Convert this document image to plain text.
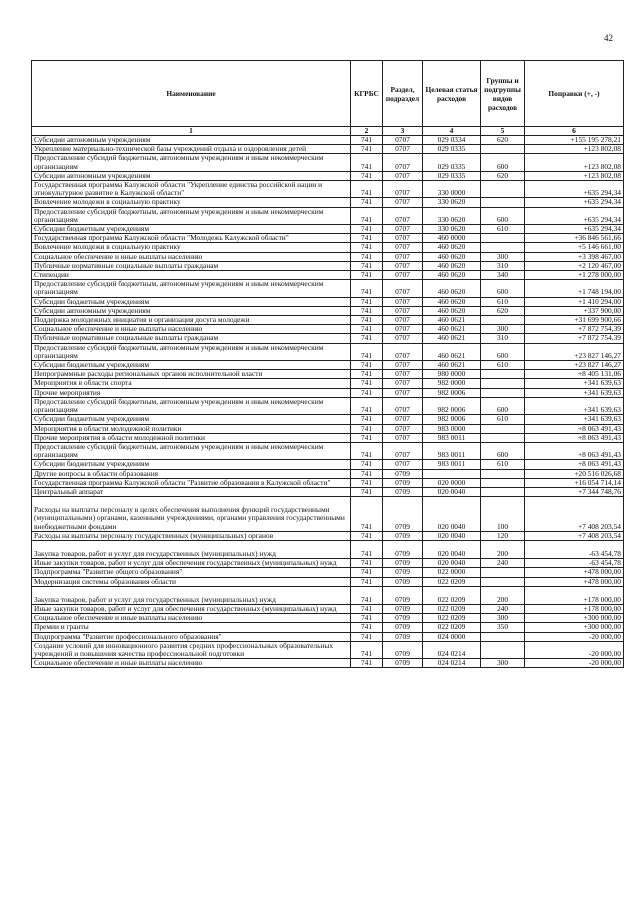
42
Наименование	КГРБС	Раздел, подраздел	Целевая статья расходов	Группы и подгруппы видов расходов	Поправки (+, -)
1	2	3	4	5	6
Субсидии автономным учреждениям	741	0707	029 0334	620	+155 195 278,21
Укрепление материально-технической базы учреждений отдыха и оздоровления детей	741	0707	029 0335		+123 802,08
Предоставление субсидий бюджетным, автономным учреждениям и иным некоммерческим организациям	741	0707	029 0335	600	+123 802,08
Субсидии автономным учреждениям	741	0707	029 0335	620	+123 802,08
Государственная программа Калужской области "Укрепление единства российской нации и этнокультурное развитие в Калужской области"	741	0707	330 0000		+635 294,34
Вовлечение молодежи в социальную практику	741	0707	330 0620		+635 294,34
Предоставление субсидий бюджетным, автономным учреждениям и иным некоммерческим организациям	741	0707	330 0620	600	+635 294,34
Субсидии бюджетным учреждениям	741	0707	330 0620	610	+635 294,34
Государственная программа Калужской области "Молодежь Калужской области"	741	0707	460 0000		+36 846 561,66
Вовлечение молодежи в социальную практику	741	0707	460 0620		+5 146 661,00
Социальное обеспечение и иные выплаты населению	741	0707	460 0620	300	+3 398 467,00
Публичные нормативные социальные выплаты гражданам	741	0707	460 0620	310	+2 120 467,00
Стипендии	741	0707	460 0620	340	+1 278 000,00
Предоставление субсидий бюджетным, автономным учреждениям и иным некоммерческим организациям	741	0707	460 0620	600	+1 748 194,00
Субсидии бюджетным учреждениям	741	0707	460 0620	610	+1 410 294,00
Субсидии автономным учреждениям	741	0707	460 0620	620	+337 900,00
Поддержка молодежных инициатив и организация досуга молодежи	741	0707	460 0621		+31 699 900,66
Социальное обеспечение и иные выплаты населению	741	0707	460 0621	300	+7 872 754,39
Публичные нормативные социальные выплаты гражданам	741	0707	460 0621	310	+7 872 754,39
Предоставление субсидий бюджетным, автономным учреждениям и иным некоммерческим организациям	741	0707	460 0621	600	+23 827 146,27
Субсидии бюджетным учреждениям	741	0707	460 0621	610	+23 827 146,27
Непрограммные расходы региональных органов исполнительной власти	741	0707	980 0000		+8 405 131,06
Мероприятия в области спорта	741	0707	982 0000		+341 639,63
Прочие мероприятия	741	0707	982 0006		+341 639,63
Предоставление субсидий бюджетным, автономным учреждениям и иным некоммерческим организациям	741	0707	982 0006	600	+341 639,63
Субсидии бюджетным учреждениям	741	0707	982 0006	610	+341 639,63
Мероприятия в области молодежной политики	741	0707	983 0000		+8 063 491,43
Прочие мероприятия в области молодежной политики	741	0707	983 0011		+8 063 491,43
Предоставление субсидий бюджетным, автономным учреждениям и иным некоммерческим организациям	741	0707	983 0011	600	+8 063 491,43
Субсидии бюджетным учреждениям	741	0707	983 0011	610	+8 063 491,43
Другие вопросы в области образования	741	0709			+20 516 026,68
Государственная программа Калужской области "Развитие образования в Калужской области"	741	0709	020 0000		+16 054 714,14
Центральный аппарат	741	0709	020 0040		+7 344 748,76
Расходы на выплаты персоналу в целях обеспечения выполнения функций государственными (муниципальными) органами, казенными учреждениями, органами управления государственными внебюджетными фондами	741	0709	020 0040	100	+7 408 203,54
Расходы на выплаты персоналу государственных (муниципальных) органов	741	0709	020 0040	120	+7 408 203,54
Закупка товаров, работ и услуг для государственных (муниципальных) нужд	741	0709	020 0040	200	-63 454,78
Иные закупки товаров, работ и услуг для обеспечения государственных (муниципальных) нужд	741	0709	020 0040	240	-63 454,78
Подпрограмма "Развитие общего образования"	741	0709	022 0000		+478 000,00
Модернизация системы образования области	741	0709	022 0209		+478 000,00
Закупка товаров, работ и услуг для государственных (муниципальных) нужд	741	0709	022 0209	200	+178 000,00
Иные закупки товаров, работ и услуг для обеспечения государственных (муниципальных) нужд	741	0709	022 0209	240	+178 000,00
Социальное обеспечение и иные выплаты населению	741	0709	022 0209	300	+300 000,00
Премии и гранты	741	0709	022 0209	350	+300 000,00
Подпрограмма "Развитие профессионального образования"	741	0709	024 0000		-20 000,00
Создание условий для инновационного развития средних профессиональных образовательных учреждений и повышения качества профессиональной подготовки	741	0709	024 0214		-20 000,00
Социальное обеспечение и иные выплаты населению	741	0709	024 0214	300	-20 000,00
